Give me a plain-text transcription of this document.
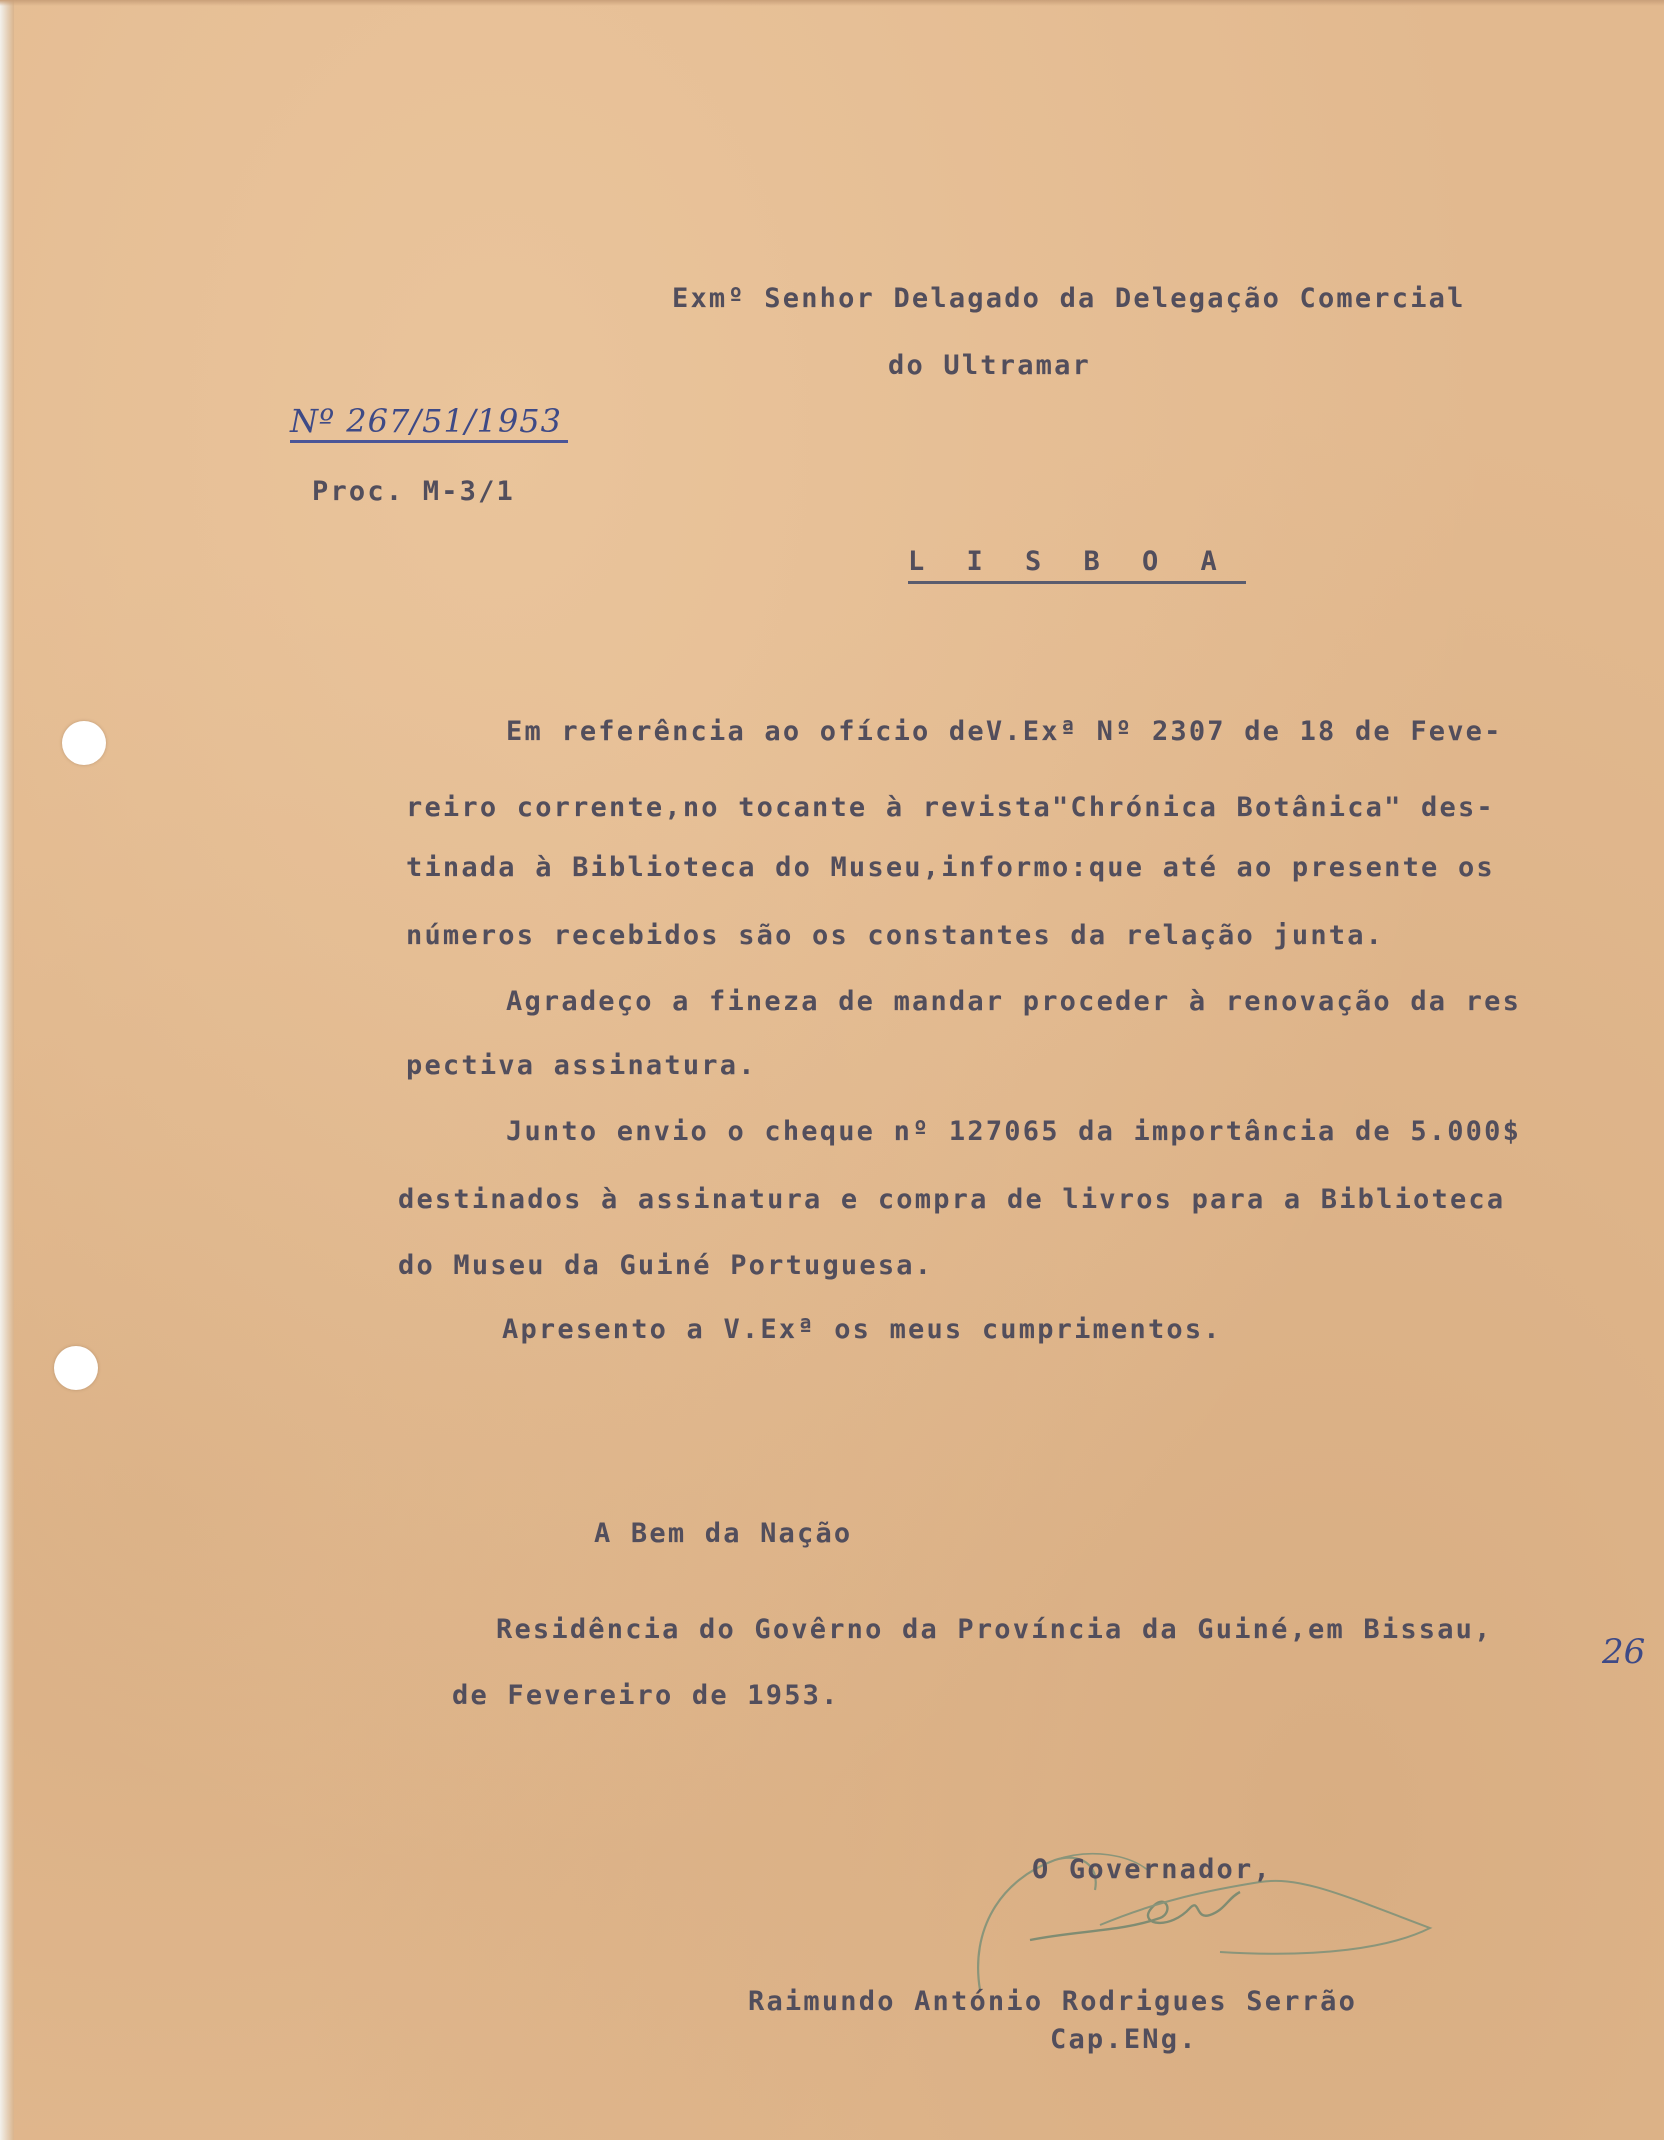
Exmº Senhor Delagado da Delegação Comercial
do Ultramar
Nº 267/51/1953
Proc. M-3/1
L I S B O A
Em referência ao ofício deV.Exª Nº 2307 de 18 de Feve-
reiro corrente,no tocante à revista"Chrónica Botânica" des-
tinada à Biblioteca do Museu,informo:que até ao presente os
números recebidos são os constantes da relação junta.
Agradeço a fineza de mandar proceder à renovação da res
pectiva assinatura.
Junto envio o cheque nº 127065 da importância de 5.000$
destinados à assinatura e compra de livros para a Biblioteca
do Museu da Guiné Portuguesa.
Apresento a V.Exª os meus cumprimentos.
A Bem da Nação
Residência do Govêrno da Província da Guiné,em Bissau,
26
de Fevereiro de 1953.
O Governador,
Raimundo António Rodrigues Serrão
Cap.ENg.
